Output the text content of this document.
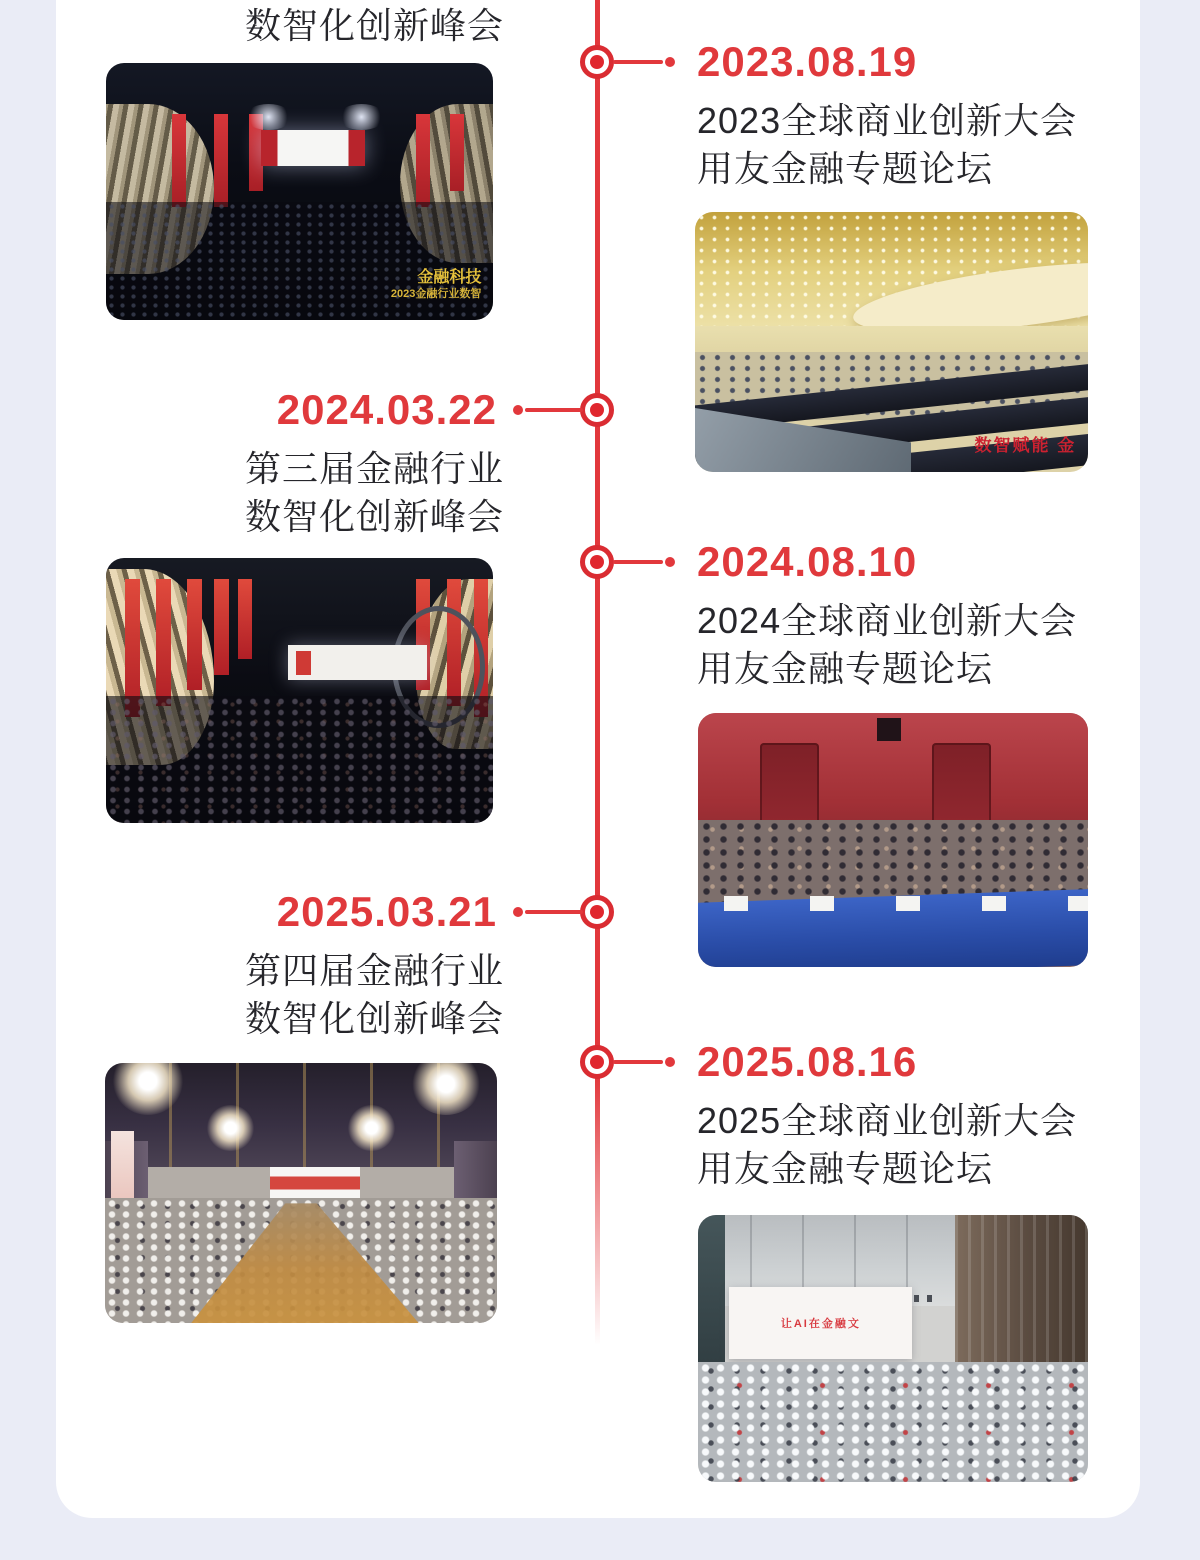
数智化创新峰会
2023.08.19
2023全球商业创新大会
用友金融专题论坛
2024.03.22
第三届金融行业
数智化创新峰会
2024.08.10
2024全球商业创新大会
用友金融专题论坛
2025.03.21
第四届金融行业
数智化创新峰会
2025.08.16
2025全球商业创新大会
用友金融专题论坛
金融科技
2023金融行业数智
数智赋能 金
让AI在金融文
